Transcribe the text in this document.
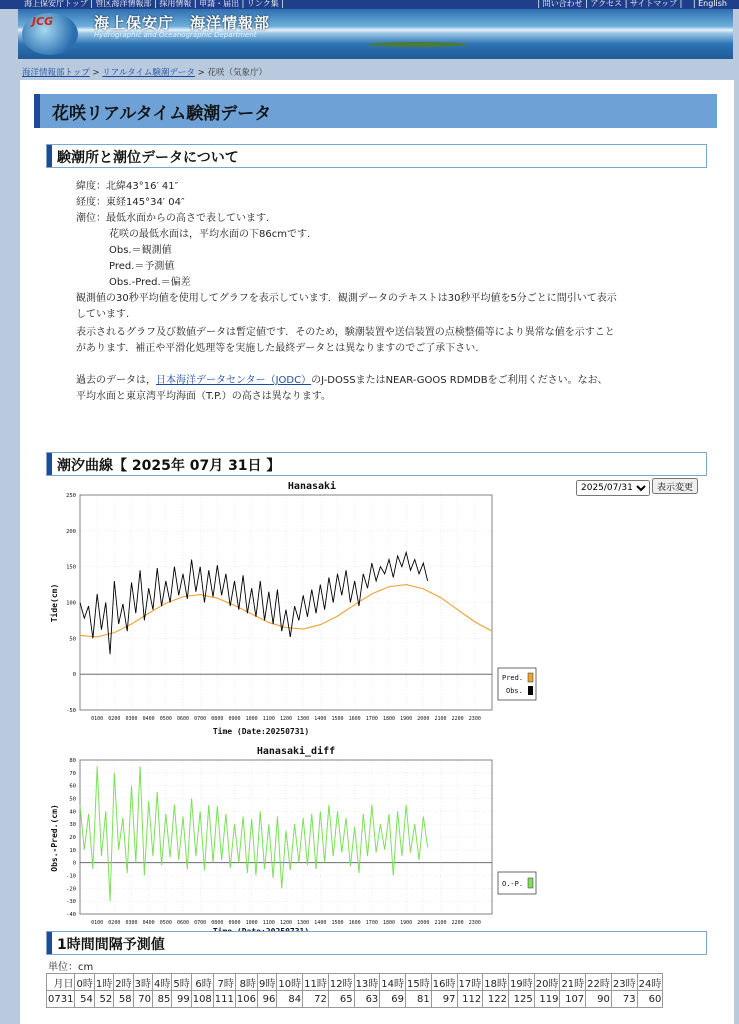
海上保安庁トップ | 管区海洋情報部 | 採用情報 | 申請・届出 | リンク集 |	| 問い合わせ | アクセス | サイトマップ |　 | English
JCG	海上保安庁　海洋情報部
Hydrographic and Oceanographic Department
海洋情報部トップ > リアルタイム験潮データ > 花咲（気象庁）
花咲リアルタイム験潮データ
験潮所と潮位データについて
緯度：北緯43°16′ 41″
経度：東経145°34′ 04″
潮位：最低水面からの高さで表しています.
花咲の最低水面は，平均水面の下86cmです.
Obs.＝観測値
Pred.＝予測値
Obs.-Pred.＝偏差
観測値の30秒平均値を使用してグラフを表示しています．観測データのテキストは30秒平均値を5分ごとに間引いて表示
しています.
表示されるグラフ及び数値データは暫定値です．そのため，験潮装置や送信装置の点検整備等により異常な値を示すこと
があります．補正や平滑化処理等を実施した最終データとは異なりますのでご了承下さい.
過去のデータは，日本海洋データセンター（JODC）のJ-DOSSまたはNEAR-GOOS RDMDBをご利用ください。なお、
平均水面と東京湾平均海面（T.P.）の高さは異なります。
潮汐曲線【 2025年 07月 31日 】
2025/07/31表示変更
Hanasaki
-50
0
50
100
150
200
250
0100 0200 0300 0400 0500 0600 0700 0800 0900 1000 1100 1200 1300 1400 1500 1600 1700 1800 1900 2000 2100 2200 2300
Tide(cm)
Time (Date:20250731)
Pred.
Obs.
Hanasaki_diff
-40
-30
-20
-10
0
10
20
30
40
50
60
70
80
0100 0200 0300 0400 0500 0600 0700 0800 0900 1000 1100 1200 1300 1400 1500 1600 1700 1800 1900 2000 2100 2200 2300
Obs.-Pred.(cm)
O.-P.
1時間間隔予測値
単位：cm
月日	0時	1時	2時	3時	4時	5時	6時	7時	8時	9時	10時	11時	12時	13時	14時	15時	16時	17時	18時	19時	20時	21時	22時	23時	24時
0731	54	52	58	70	85	99	108	111	106	96	84	72	65	63	69	81	97	112	122	125	119	107	90	73	60
